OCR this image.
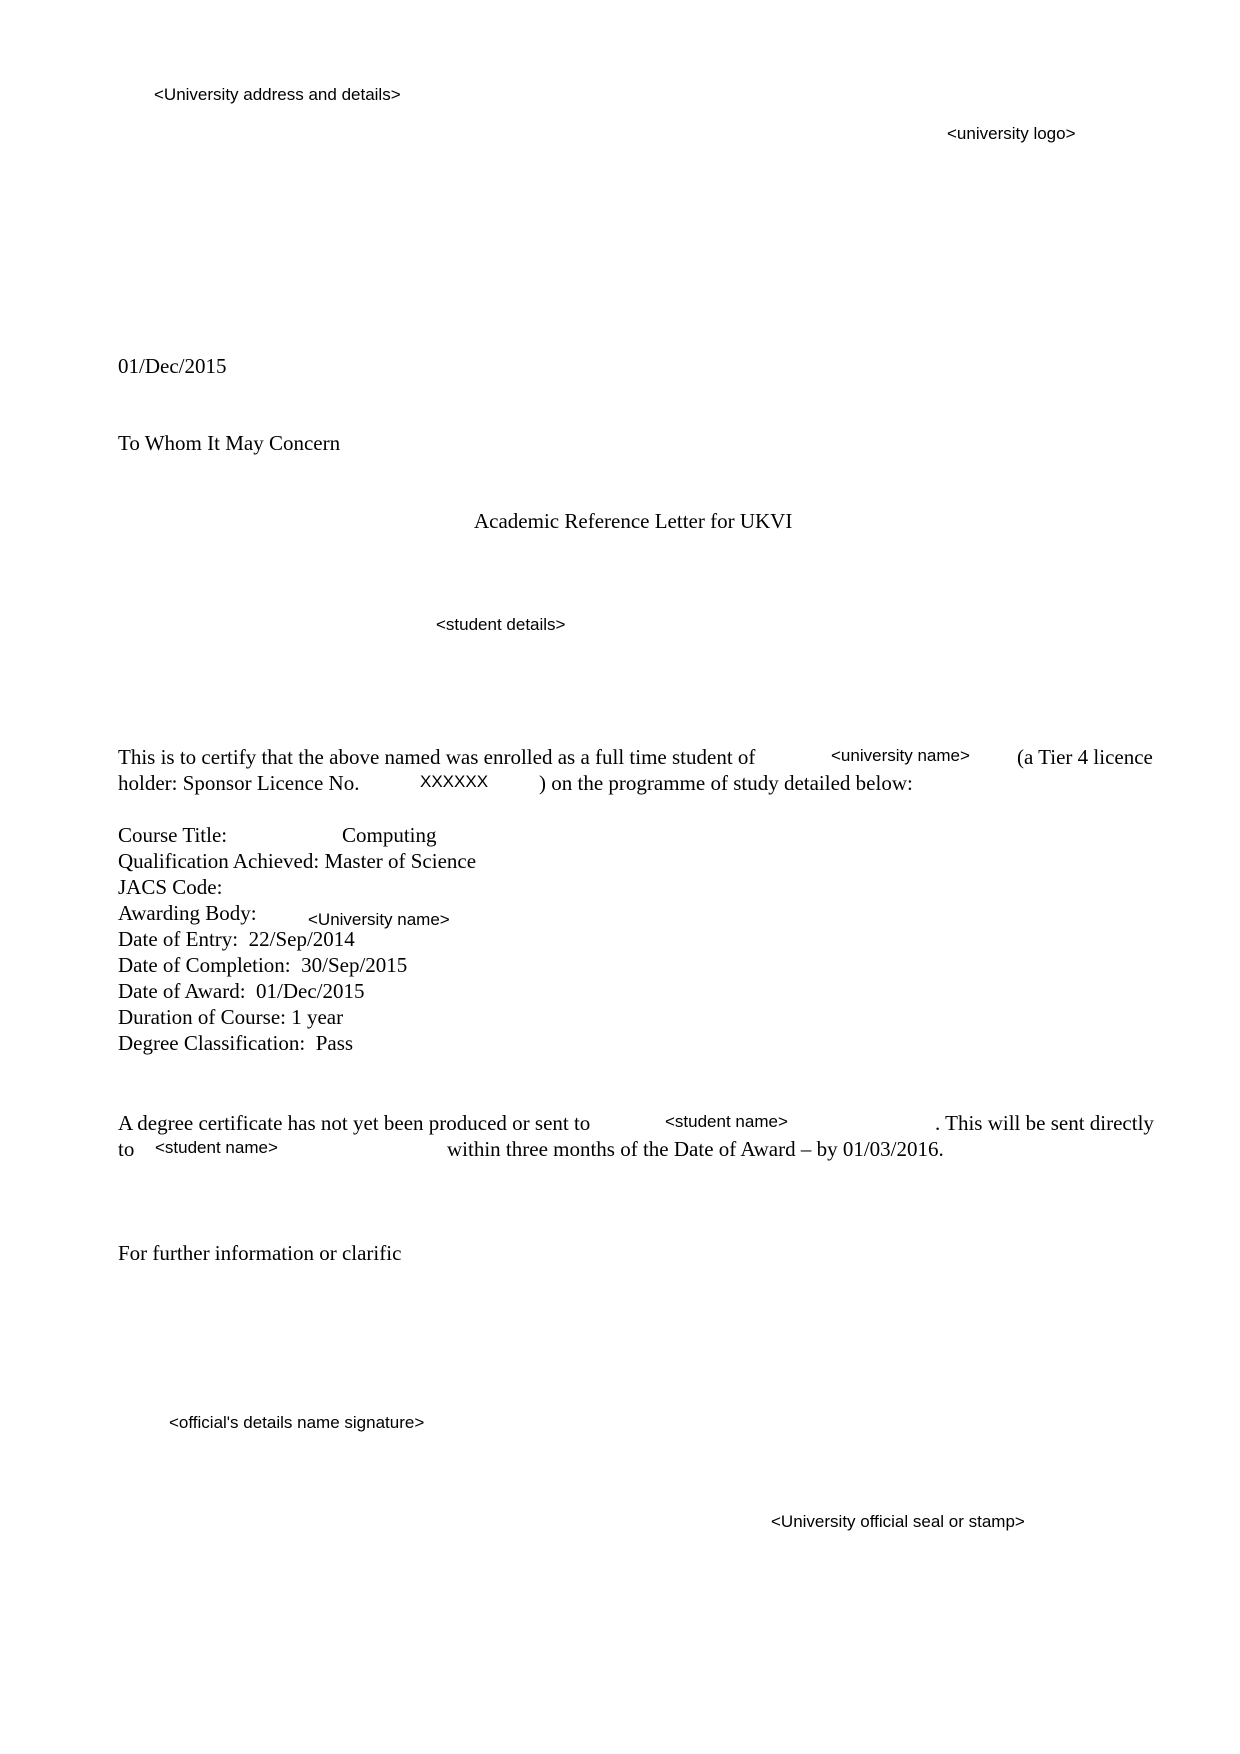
<University address and details>
<university logo>
01/Dec/2015
To Whom It May Concern
Academic Reference Letter for UKVI
<student details>
This is to certify that the above named was enrolled as a full time student of	<university name> (a Tier 4 licence
holder: Sponsor Licence No.	XXXXXX ) on the programme of study detailed below:
Course Title:	Computing
Qualification Achieved: Master of Science
JACS Code:
Awarding Body:	$_{<University name>}$
Date of Entry: 22/Sep/2014
Date of Completion: 30/Sep/2015
Date of Award: 01/Dec/2015
Duration of Course: 1 year
Degree Classification: Pass
A degree certificate has not yet been produced or sent to	<student name>	. This will be sent directly
to <student name>	within three months of the Date of Award – by 01/03/2016.
For further information or clarific
<official's details name signature>
<University official seal or stamp>
